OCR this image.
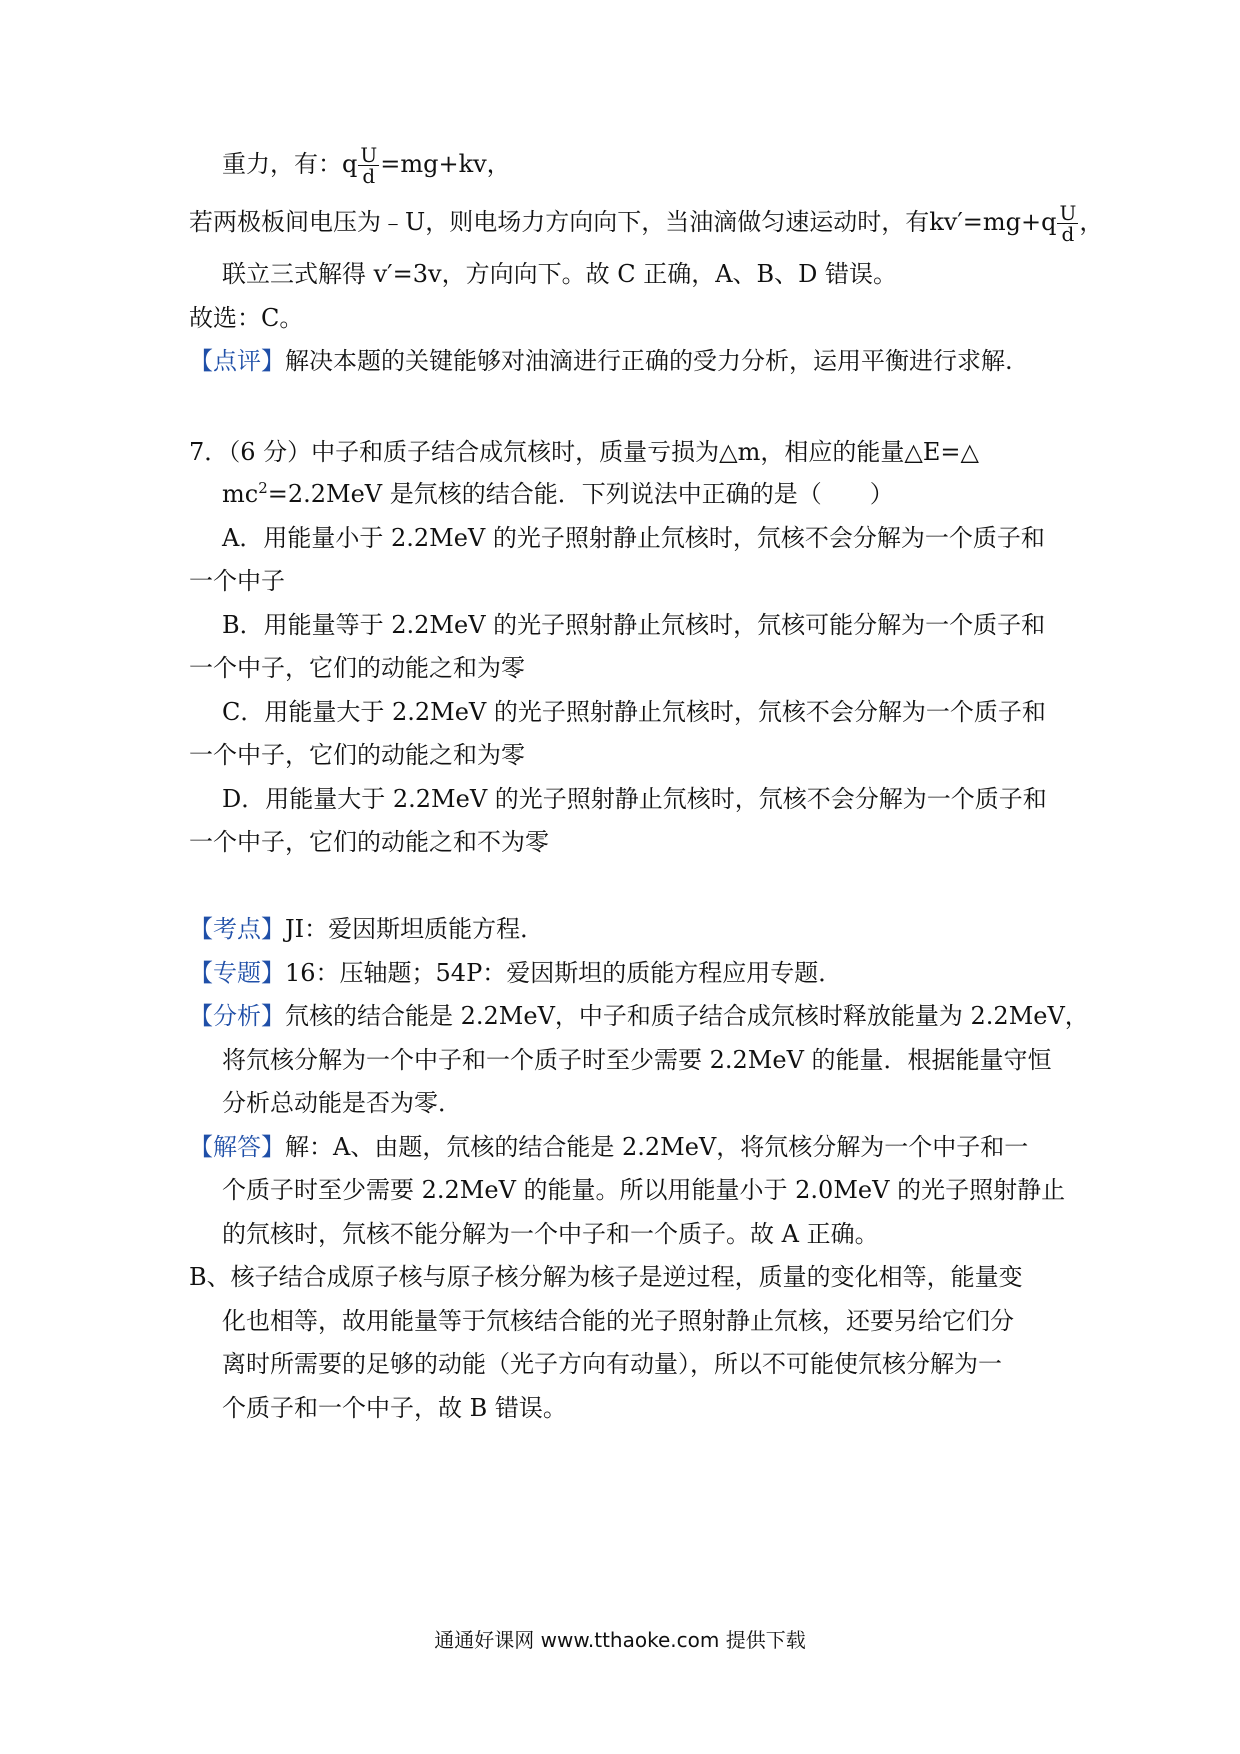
重力，有：q $\frac{U}{d} =mg+kv$，
若两极板间电压为﹣U，则电场力方向向下，当油滴做匀速运动时，有$kv'=mg+q \frac{U}{d}$ ，
联立三式解得 v′=3v，方向向下。故 C 正确，A、B、D 错误。
故选：C。
【点评】解决本题的关键能够对油滴进行正确的受力分析，运用平衡进行求解.
7．（6 分）中子和质子结合成氘核时，质量亏损为△m，相应的能量△E=△
$mc^2=2.2MeV$ 是氘核的结合能．下列说法中正确的是（　　）
A．用能量小于 2.2MeV 的光子照射静止氘核时，氘核不会分解为一个质子和
一个中子
B．用能量等于 2.2MeV 的光子照射静止氘核时，氘核可能分解为一个质子和
一个中子，它们的动能之和为零
C．用能量大于 2.2MeV 的光子照射静止氘核时，氘核不会分解为一个质子和
一个中子，它们的动能之和为零
D．用能量大于 2.2MeV 的光子照射静止氘核时，氘核不会分解为一个质子和
一个中子，它们的动能之和不为零
【考点】JI：爱因斯坦质能方程．
【专题】16：压轴题；54P：爱因斯坦的质能方程应用专题．
【分析】氘核的结合能是 2.2MeV，中子和质子结合成氘核时释放能量为 2.2MeV，
将氘核分解为一个中子和一个质子时至少需要 2.2MeV 的能量．根据能量守恒
分析总动能是否为零．
【解答】解：A、由题，氘核的结合能是 2.2MeV，将氘核分解为一个中子和一
个质子时至少需要 2.2MeV 的能量。所以用能量小于 2.0MeV 的光子照射静止
的氘核时，氘核不能分解为一个中子和一个质子。故 A 正确。
B、核子结合成原子核与原子核分解为核子是逆过程，质量的变化相等，能量变
化也相等，故用能量等于氘核结合能的光子照射静止氘核，还要另给它们分
离时所需要的足够的动能（光子方向有动量），所以不可能使氘核分解为一
个质子和一个中子，故 B 错误。
通通好课网 www.tthaoke.com 提供下载
